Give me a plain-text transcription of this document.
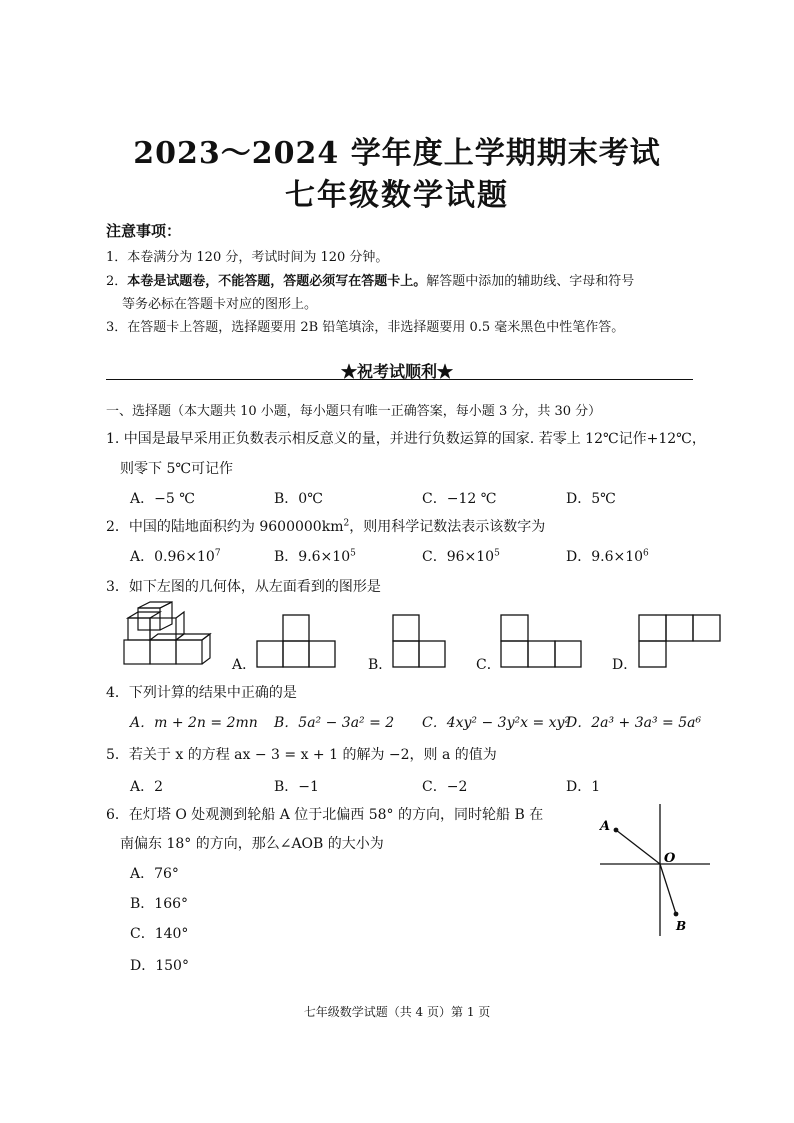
2023～2024 学年度上学期期末考试
七年级数学试题
注意事项：
1．本卷满分为 120 分，考试时间为 120 分钟。
2．本卷是试题卷，不能答题，答题必须写在答题卡上。解答题中添加的辅助线、字母和符号
等务必标在答题卡对应的图形上。
3．在答题卡上答题，选择题要用 2B 铅笔填涂，非选择题要用 0.5 毫米黑色中性笔作答。
★祝考试顺利★
一、选择题（本大题共 10 小题，每小题只有唯一正确答案，每小题 3 分，共 30 分）
1. 中国是最早采用正负数表示相反意义的量，并进行负数运算的国家. 若零上 12℃记作+12℃，
则零下 5℃可记作
A．−5 ℃	B．0℃	C．−12 ℃	D．5℃
2．中国的陆地面积约为 $9600000km^2$，则用科学记数法表示该数字为
A．$0.96\times 10^7$	B．$9.6\times 10^5$	C．$96\times 10^5$	D．$9.6\times 10^6$
3．如下左图的几何体，从左面看到的图形是
A．	B．	C．	D．
4．下列计算的结果中正确的是
A．m + 2n = 2mn B．5a² − 3a² = 2 C．4xy² − 3y²x = xy²
D．2a³ + 3a³ = 5a⁶
5．若关于 x 的方程 ax − 3 = x + 1 的解为 −2，则 a 的值为
A．2	B．−1	C．−2	D．1
6．在灯塔 O 处观测到轮船 A 位于北偏西 58° 的方向，同时轮船 B 在
南偏东 18° 的方向，那么∠AOB 的大小为
A．76°
B．166°
C．140°
D．150°
A
O
B
七年级数学试题（共 4 页）第 1 页
